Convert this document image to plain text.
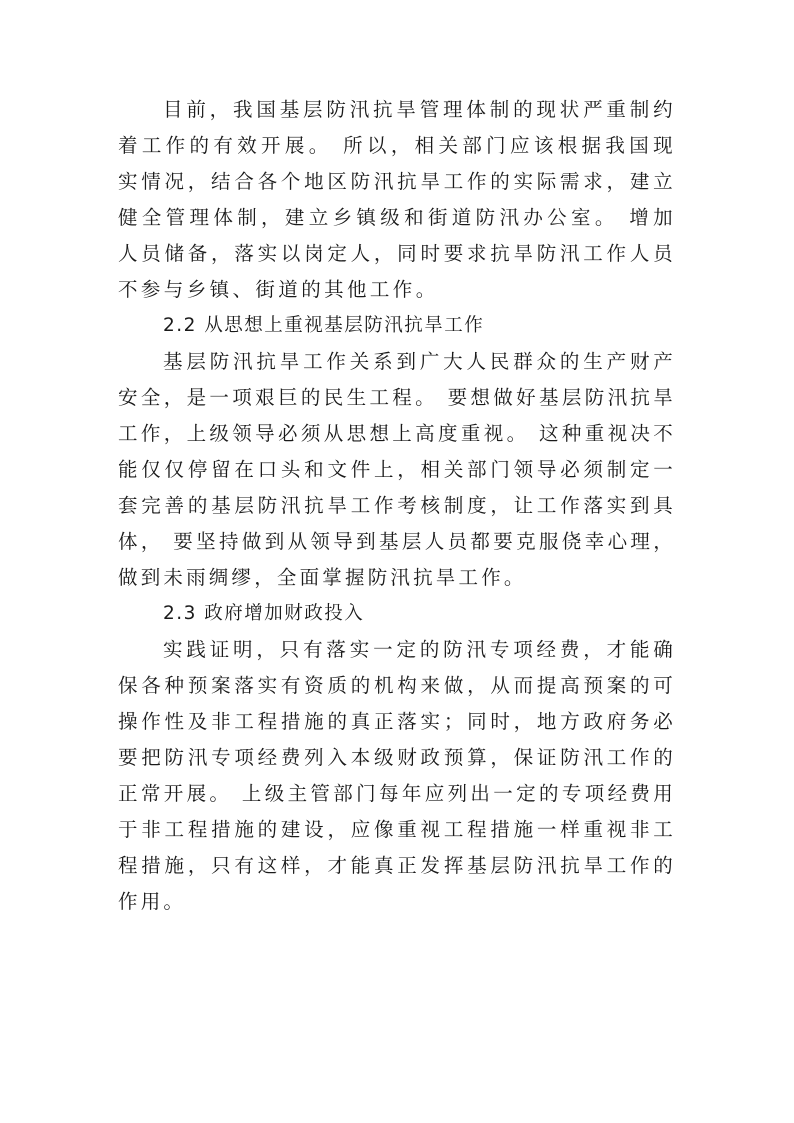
目前，我国基层防汛抗旱管理体制的现状严重制约着工作的有效开展。 所以，相关部门应该根据我国现实情况，结合各个地区防汛抗旱工作的实际需求，建立健全管理体制，建立乡镇级和街道防汛办公室。 增加人员储备，落实以岗定人，同时要求抗旱防汛工作人员不参与乡镇、街道的其他工作。

2.2 从思想上重视基层防汛抗旱工作

基层防汛抗旱工作关系到广大人民群众的生产财产安全，是一项艰巨的民生工程。 要想做好基层防汛抗旱工作，上级领导必须从思想上高度重视。 这种重视决不能仅仅停留在口头和文件上，相关部门领导必须制定一套完善的基层防汛抗旱工作考核制度，让工作落实到具体， 要坚持做到从领导到基层人员都要克服侥幸心理，做到未雨绸缪，全面掌握防汛抗旱工作。

2.3 政府增加财政投入

实践证明，只有落实一定的防汛专项经费，才能确保各种预案落实有资质的机构来做，从而提高预案的可操作性及非工程措施的真正落实；同时，地方政府务必要把防汛专项经费列入本级财政预算，保证防汛工作的正常开展。 上级主管部门每年应列出一定的专项经费用于非工程措施的建设，应像重视工程措施一样重视非工程措施，只有这样，才能真正发挥基层防汛抗旱工作的作用。
